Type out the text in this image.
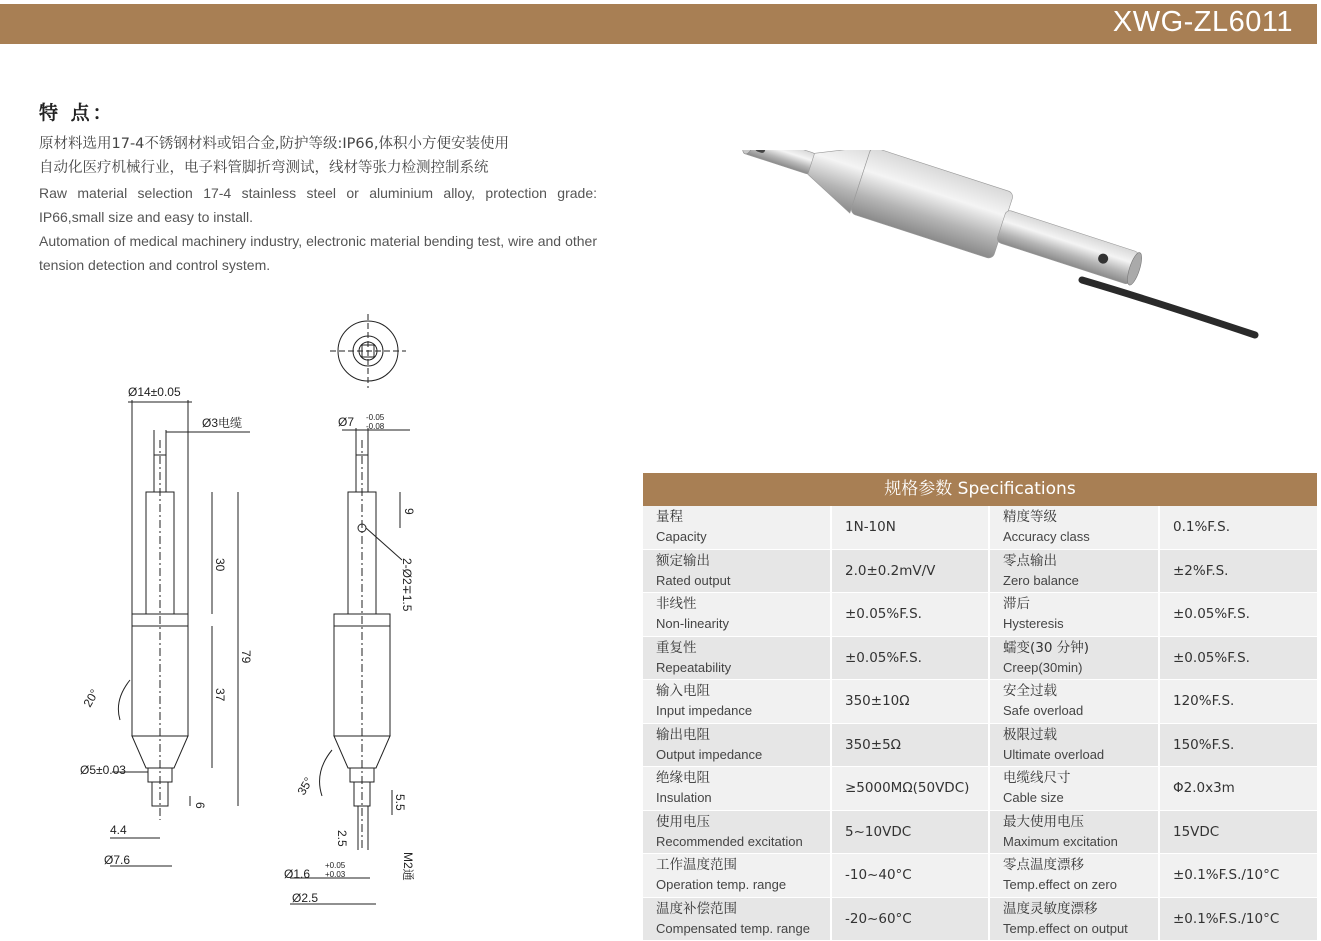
XWG-ZL6011
特 点：
原材料选用17-4不锈钢材料或铝合金,防护等级:IP66,体积小方便安装使用
自动化医疗机械行业，电子料管脚折弯测试，线材等张力检测控制系统
Raw material selection 17-4 stainless steel or aluminium alloy, protection grade: IP66,small size and easy to install.
Automation of medical machinery industry, electronic material bending test, wire and other tension detection and control system.
Ø14±0.05
Ø3电缆	Ø7 -0.05
-0.08
30
79
37
9
2-Ø2∓1.5
20°
35°
Ø5±0.03
6
4.4
Ø7.6
5.5
2.5
M2通
Ø1.6
+0.05
+0.03
Ø2.5
规格参数 Specifications
量程
Capacity
1N-10N
精度等级
Accuracy class
0.1%F.S.
额定输出
Rated output
2.0±0.2mV/V
零点输出
Zero balance
±2%F.S.
非线性
Non-linearity
±0.05%F.S.
滞后
Hysteresis
±0.05%F.S.
重复性
Repeatability
±0.05%F.S.
蠕变(30 分钟)
Creep(30min)
±0.05%F.S.
输入电阻
Input impedance
350±10Ω
安全过载
Safe overload
120%F.S.
输出电阻
Output impedance
350±5Ω
极限过载
Ultimate overload
150%F.S.
绝缘电阻
Insulation
≥5000MΩ(50VDC)
电缆线尺寸
Cable size
Φ2.0x3m
使用电压
Recommended excitation
5~10VDC
最大使用电压
Maximum excitation
15VDC
工作温度范围
Operation temp. range
-10~40°C
零点温度漂移
Temp.effect on zero
±0.1%F.S./10°C
温度补偿范围
Compensated temp. range
-20~60°C
温度灵敏度漂移
Temp.effect on output
±0.1%F.S./10°C
